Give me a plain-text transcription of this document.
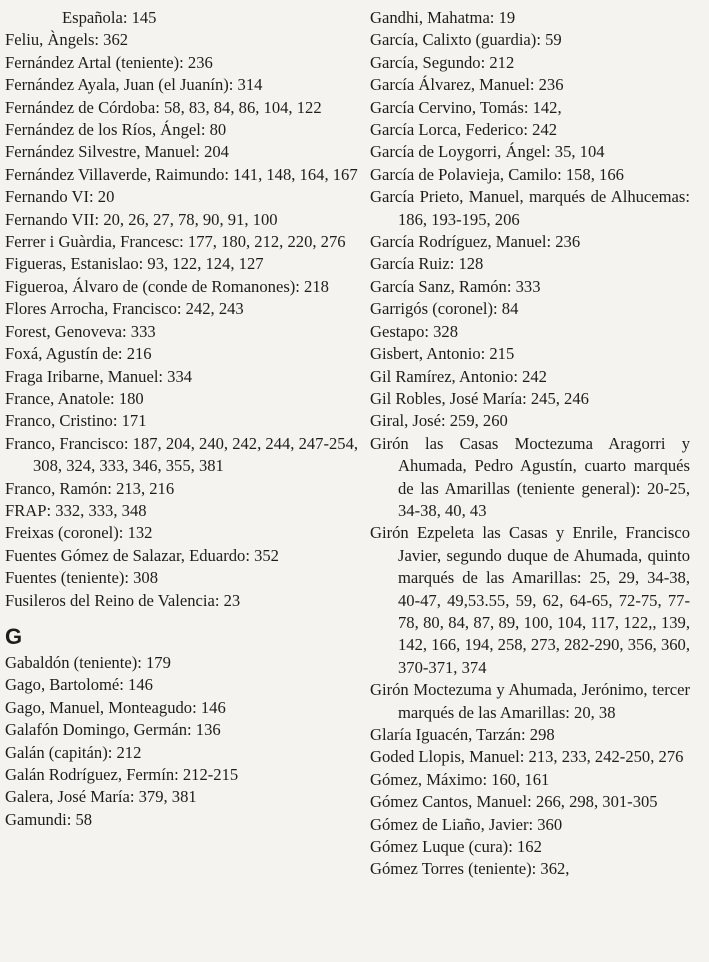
Española: 145

Feliu, Àngels: 362

Fernández Artal (teniente): 236

Fernández Ayala, Juan (el Juanín): 314

Fernández de Córdoba: 58, 83, 84, 86, 104, 122

Fernández de los Ríos, Ángel: 80

Fernández Silvestre, Manuel: 204

Fernández Villaverde, Raimundo: 141, 148, 164, 167

Fernando VI: 20

Fernando VII: 20, 26, 27, 78, 90, 91, 100

Ferrer i Guàrdia, Francesc: 177, 180, 212, 220, 276

Figueras, Estanislao: 93, 122, 124, 127

Figueroa, Álvaro de (conde de Romanones): 218

Flores Arrocha, Francisco: 242, 243

Forest, Genoveva: 333

Foxá, Agustín de: 216

Fraga Iribarne, Manuel: 334

France, Anatole: 180

Franco, Cristino: 171

Franco, Francisco: 187, 204, 240, 242, 244, 247-254, 308, 324, 333, 346, 355, 381

Franco, Ramón: 213, 216

FRAP: 332, 333, 348

Freixas (coronel): 132

Fuentes Gómez de Salazar, Eduardo: 352

Fuentes (teniente): 308

Fusileros del Reino de Valencia: 23

G

Gabaldón (teniente): 179

Gago, Bartolomé: 146

Gago, Manuel, Monteagudo: 146

Galafón Domingo, Germán: 136

Galán (capitán): 212

Galán Rodríguez, Fermín: 212-215

Galera, José María: 379, 381

Gamundi: 58

Gandhi, Mahatma: 19

García, Calixto (guardia): 59

García, Segundo: 212

García Álvarez, Manuel: 236

García Cervino, Tomás: 142,

García Lorca, Federico: 242

García de Loygorri, Ángel: 35, 104

García de Polavieja, Camilo: 158, 166

García Prieto, Manuel, marqués de Alhucemas: 186, 193-195, 206

García Rodríguez, Manuel: 236

García Ruiz: 128

García Sanz, Ramón: 333

Garrigós (coronel): 84

Gestapo: 328

Gisbert, Antonio: 215

Gil Ramírez, Antonio: 242

Gil Robles, José María: 245, 246

Giral, José: 259, 260

Girón las Casas Moctezuma Aragorri y Ahumada, Pedro Agustín, cuarto marqués de las Amarillas (teniente general): 20-25, 34-38, 40, 43

Girón Ezpeleta las Casas y Enrile, Francisco Javier, segundo duque de Ahumada, quinto marqués de las Amarillas: 25, 29, 34-38, 40-47, 49,53.55, 59, 62, 64-65, 72-75, 77-78, 80, 84, 87, 89, 100, 104, 117, 122,, 139, 142, 166, 194, 258, 273, 282-290, 356, 360, 370-371, 374

Girón Moctezuma y Ahumada, Jerónimo, tercer marqués de las Amarillas: 20, 38

Glaría Iguacén, Tarzán: 298

Goded Llopis, Manuel: 213, 233, 242-250, 276

Gómez, Máximo: 160, 161

Gómez Cantos, Manuel: 266, 298, 301-305

Gómez de Liaño, Javier: 360

Gómez Luque (cura): 162

Gómez Torres (teniente): 362,
